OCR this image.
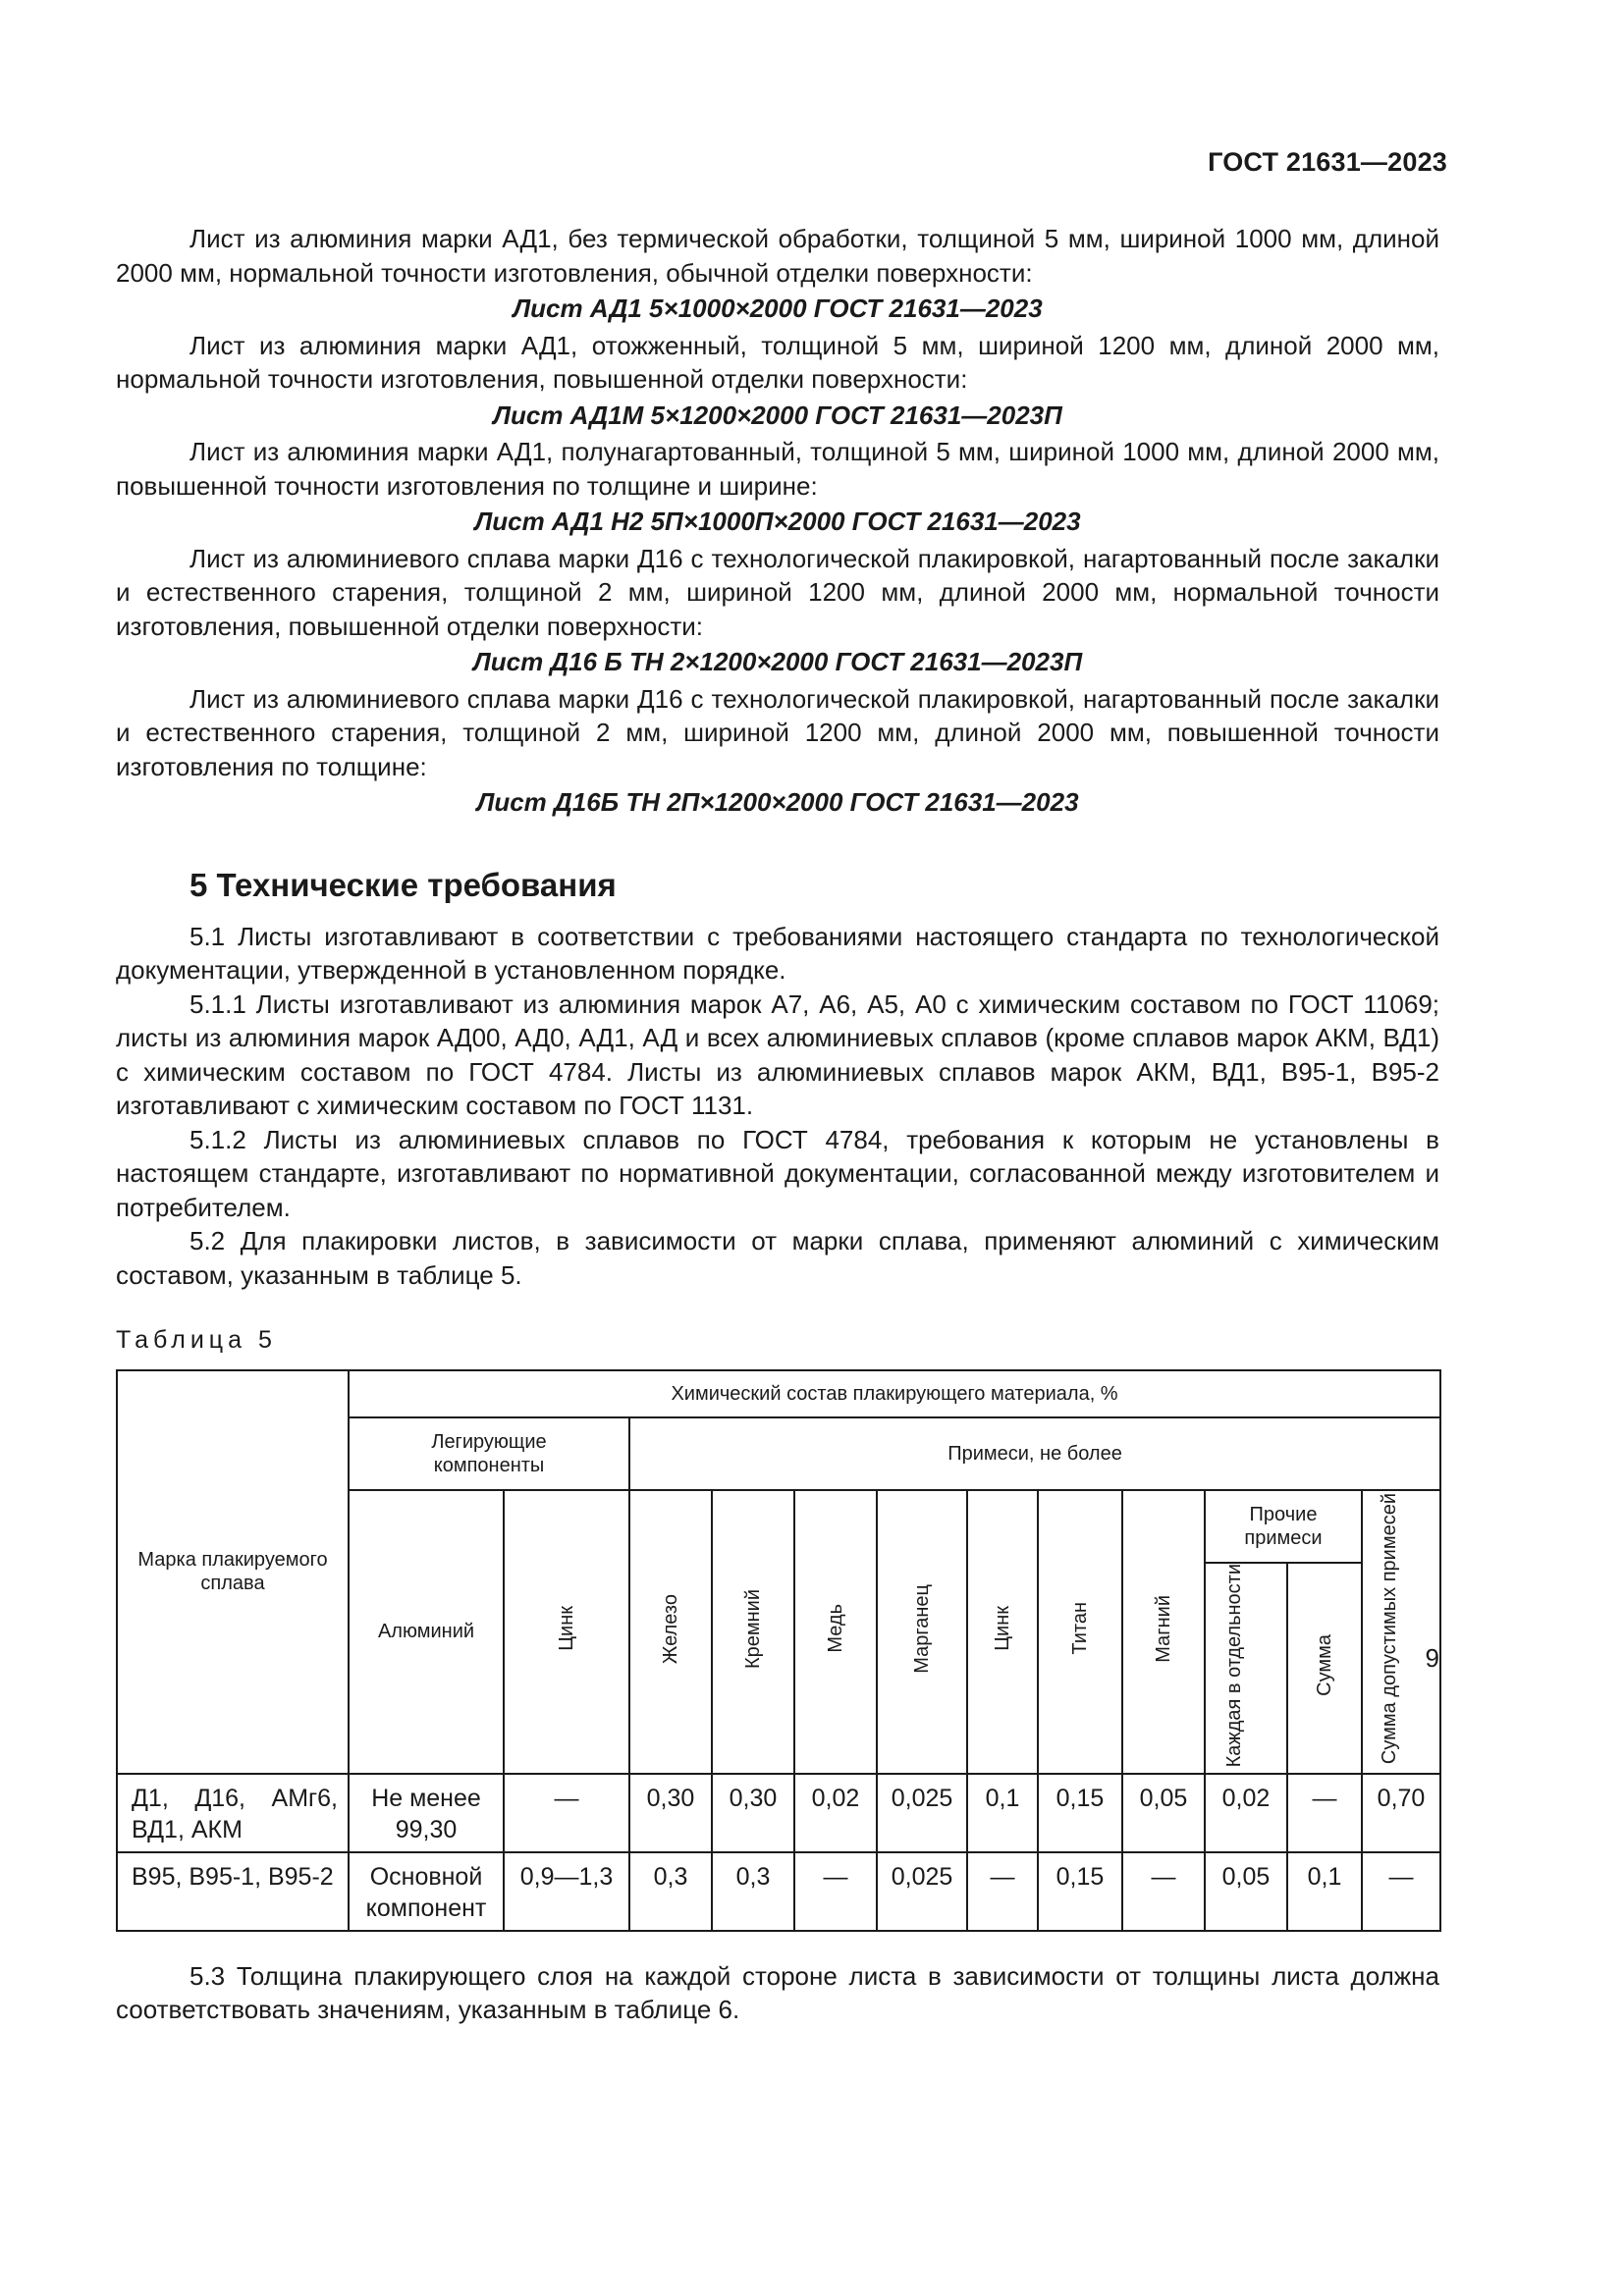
ГОСТ 21631—2023

Лист из алюминия марки АД1, без термической обработки, толщиной 5 мм, шириной 1000 мм, длиной 2000 мм, нормальной точности изготовления, обычной отделки поверхности:

Лист АД1 5×1000×2000 ГОСТ 21631—2023

Лист из алюминия марки АД1, отожженный, толщиной 5 мм, шириной 1200 мм, длиной 2000 мм, нормальной точности изготовления, повышенной отделки поверхности:

Лист АД1М 5×1200×2000 ГОСТ 21631—2023П

Лист из алюминия марки АД1, полунагартованный, толщиной 5 мм, шириной 1000 мм, длиной 2000 мм, повышенной точности изготовления по толщине и ширине:

Лист АД1 Н2 5П×1000П×2000 ГОСТ 21631—2023

Лист из алюминиевого сплава марки Д16 с технологической плакировкой, нагартованный после закалки и естественного старения, толщиной 2 мм, шириной 1200 мм, длиной 2000 мм, нормальной точности изготовления, повышенной отделки поверхности:

Лист Д16 Б ТН 2×1200×2000 ГОСТ 21631—2023П

Лист из алюминиевого сплава марки Д16 с технологической плакировкой, нагартованный после закалки и естественного старения, толщиной 2 мм, шириной 1200 мм, длиной 2000 мм, повышенной точности изготовления по толщине:

Лист Д16Б ТН 2П×1200×2000 ГОСТ 21631—2023

5 Технические требования

5.1 Листы изготавливают в соответствии с требованиями настоящего стандарта по технологической документации, утвержденной в установленном порядке.

5.1.1 Листы изготавливают из алюминия марок А7, А6, А5, А0 с химическим составом по ГОСТ 11069; листы из алюминия марок АД00, АД0, АД1, АД и всех алюминиевых сплавов (кроме сплавов марок АКМ, ВД1) с химическим составом по ГОСТ 4784. Листы из алюминиевых сплавов марок АКМ, ВД1, В95-1, В95-2 изготавливают с химическим составом по ГОСТ 1131.

5.1.2 Листы из алюминиевых сплавов по ГОСТ 4784, требования к которым не установлены в настоящем стандарте, изготавливают по нормативной документации, согласованной между изготовителем и потребителем.

5.2 Для плакировки листов, в зависимости от марки сплава, применяют алюминий с химическим составом, указанным в таблице 5.

Таблица 5
Марка плакируемого сплава	Химический состав плакирующего материала, %											
	Легирующие компоненты		Примеси, не более									
	Алюминий	Цинк	Железо	Кремний	Медь	Марганец	Цинк	Титан	Магний	Прочие примеси		Сумма допустимых примесей
										Каждая в отдельности	Сумма	
Д1, Д16, АМг6, ВД1, АКМ	Не менее 99,30	—	0,30	0,30	0,02	0,025	0,1	0,15	0,05	0,02	—	0,70
В95, В95-1, В95-2	Основной компонент	0,9—1,3	0,3	0,3	—	0,025	—	0,15	—	0,05	0,1	—

5.3 Толщина плакирующего слоя на каждой стороне листа в зависимости от толщины листа должна соответствовать значениям, указанным в таблице 6.

9
